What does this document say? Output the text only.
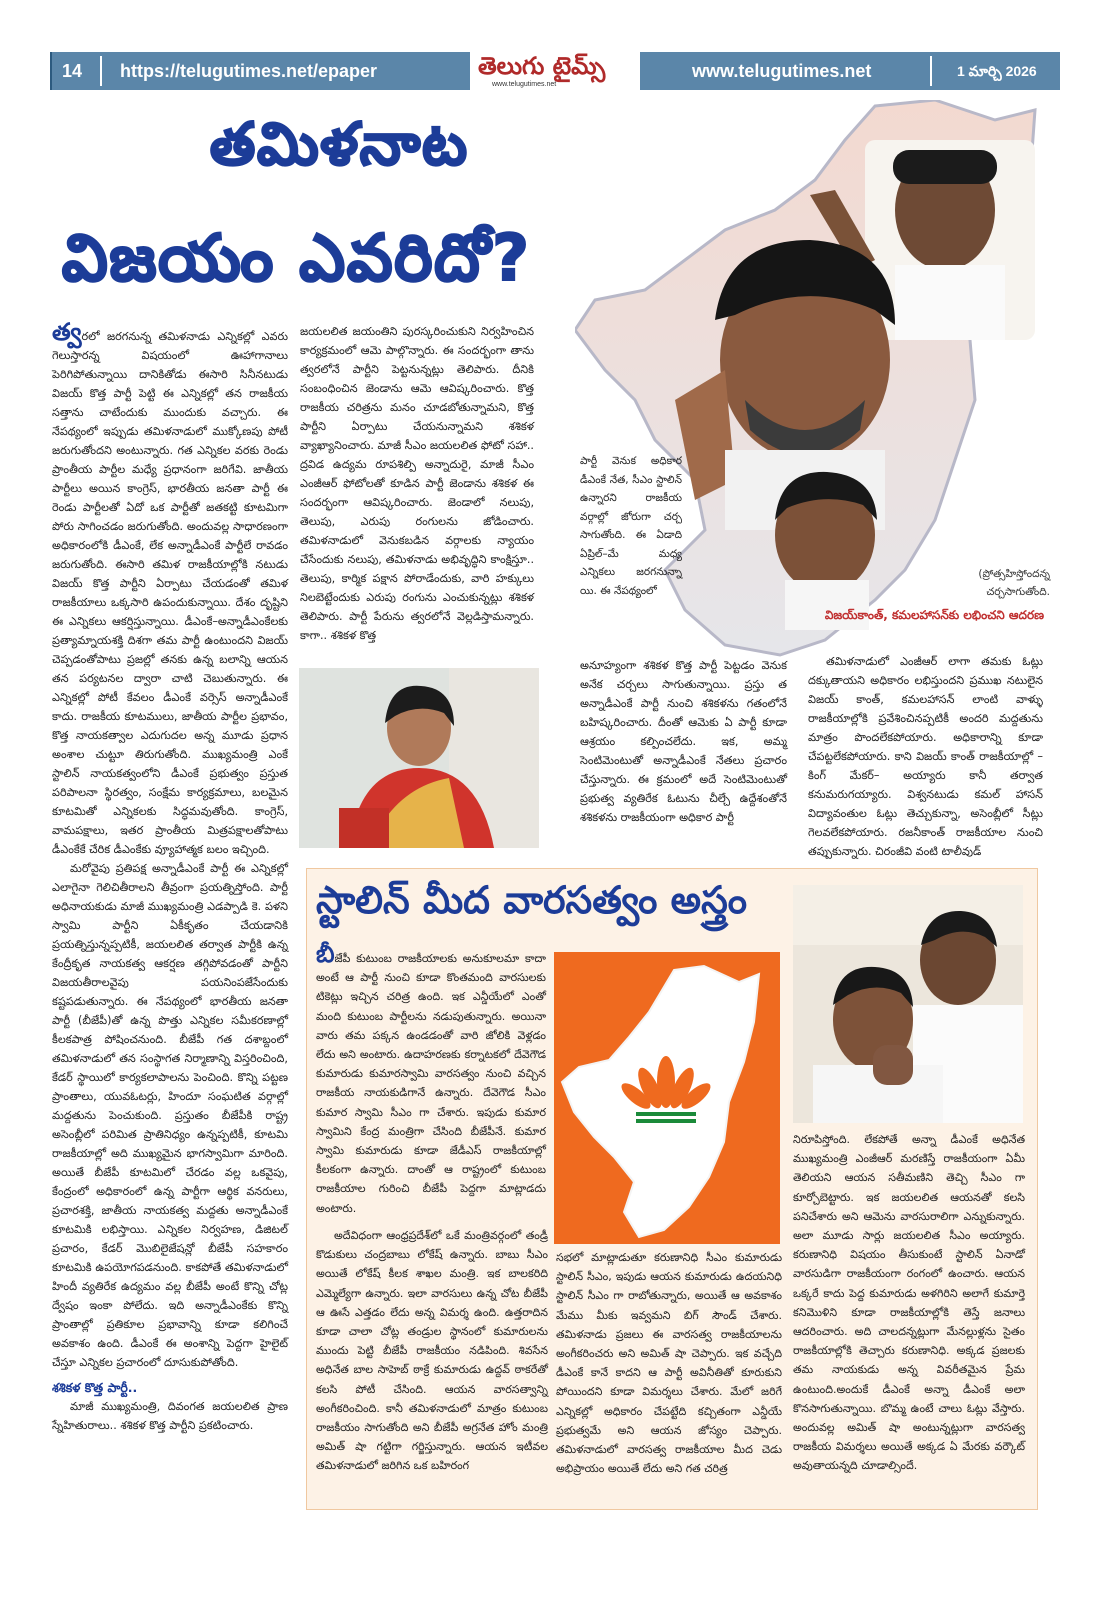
14 https://telugutimes.net/epaper	తెలుగు టైమ్స్
www.telugutimes.net
www.telugutimes.net	1 మార్చి 2026
తమిళనాట
విజయం ఎవరిదో?

త్వరలో జరగనున్న తమిళనాడు ఎన్నికల్లో ఎవరు గెలుస్తారన్న విషయంలో ఊహాగానాలు పెరిగిపోతున్నాయి దానికితోడు ఈసారి సినీనటుడు విజయ్‌ కొత్త పార్టీ పెట్టి ఈ ఎన్నికల్లో తన రాజకీయ సత్తాను చాటేందుకు ముందుకు వచ్చారు. ఈ నేపథ్యంలో ఇప్పుడు తమిళనాడులో ముక్కోణపు పోటీ జరుగుతోందని అంటున్నారు. గత ఎన్నికల వరకు రెండు ప్రాంతీయ పార్టీల మధ్యే ప్రధానంగా జరిగేవి. జాతీయ పార్టీలు అయిన కాంగ్రెస్‌, భారతీయ జనతా పార్టీ ఈ రెండు పార్టీలతో ఏదో ఒక పార్టీతో జతకట్టి కూటమిగా పోరు సాగించడం జరుగుతోంది. అందువల్ల సాధారణంగా అధికారంలోకి డీఎంకే, లేక అన్నాడీఎంకే పార్టీలే రావడం జరుగుతోంది. ఈసారి తమిళ రాజకీయాల్లోకి నటుడు విజయ్‌ కొత్త పార్టీని ఏర్పాటు చేయడంతో తమిళ రాజకీయాలు ఒక్కసారి ఉపందుకున్నాయి. దేశం దృష్టిని ఈ ఎన్నికలు ఆకర్షిస్తున్నాయి. డీఎంకే–అన్నాడీఎంకేలకు ప్రత్యామ్నాయశక్తి దిశగా తమ పార్టీ ఉంటుందని విజయ్‌ చెప్పడంతోపాటు ప్రజల్లో తనకు ఉన్న బలాన్ని ఆయన తన పర్యటనల ద్వారా చాటి చెబుతున్నారు. ఈ ఎన్నికల్లో పోటీ కేవలం డీఎంకే వర్సెస్‌ అన్నాడీఎంకే కాదు. రాజకీయ కూటములు, జాతీయ పార్టీల ప్రభావం, కొత్త నాయకత్వాల ఎదుగుదల అన్న మూడు ప్రధాన అంశాల చుట్టూ తిరుగుతోంది. ముఖ్యమంత్రి ఎంకే స్టాలిన్‌ నాయకత్వంలోని డీఎంకే ప్రభుత్వం ప్రస్తుత పరిపాలనా స్థిరత్వం, సంక్షేమ కార్యక్రమాలు, బలమైన కూటమితో ఎన్నికలకు సిద్ధమవుతోంది. కాంగ్రెస్‌, వామపక్షాలు, ఇతర ప్రాంతీయ మిత్రపక్షాలతోపాటు డీఎంకేకే చేరిక డీఎంకేకు వ్యూహాత్మక బలం ఇచ్చింది.

మరోవైపు ప్రతిపక్ష అన్నాడీఎంకే పార్టీ ఈ ఎన్నికల్లో ఎలాగైనా గెలిచితీరాలని తీవ్రంగా ప్రయత్నిస్తోంది. పార్టీ అధినాయకుడు మాజీ ముఖ్యమంత్రి ఎడప్పాడి కె. పళని స్వామి పార్టీని ఏకీకృతం చేయడానికి ప్రయత్నిస్తున్నప్పటికీ, జయలలిత తర్వాత పార్టీకి ఉన్న కేంద్రీకృత నాయకత్వ ఆకర్షణ తగ్గిపోవడంతో పార్టీని విజయతీరాలవైపు పయనింపజేసేందుకు కష్టపడుతున్నారు. ఈ నేపథ్యంలో భారతీయ జనతా పార్టీ (బీజేపీ)తో ఉన్న పొత్తు ఎన్నికల సమీకరణాల్లో కీలకపాత్ర పోషించనుంది. బీజేపీ గత దశాబ్దంలో తమిళనాడులో తన సంస్థాగత నిర్మాణాన్ని విస్తరించింది, కేడర్‌ స్థాయిలో కార్యకలాపాలను పెంచింది. కొన్ని పట్టణ ప్రాంతాలు, యువఓటర్లు, హిందూ సంఘటిత వర్గాల్లో మద్దతును పెంచుకుంది. ప్రస్తుతం బీజేపీకి రాష్ట్ర అసెంబ్లీలో పరిమిత ప్రాతినిధ్యం ఉన్నప్పటికీ, కూటమి రాజకీయాల్లో అది ముఖ్యమైన భాగస్వామిగా మారింది. అయితే బీజేపీ కూటమిలో చేరడం వల్ల ఒకవైపు, కేంద్రంలో అధికారంలో ఉన్న పార్టీగా ఆర్థిక వనరులు, ప్రచారశక్తి, జాతీయ నాయకత్వ మద్దతు అన్నాడీఎంకే కూటమికి లభిస్తాయి. ఎన్నికల నిర్వహణ, డిజిటల్‌ ప్రచారం, కేడర్‌ మొబిలైజేషన్లో బీజేపీ సహకారం కూటమికి ఉపయోగపడనుంది. కాకపోతే తమిళనాడులో హిందీ వ్యతిరేక ఉద్యమం వల్ల బీజేపీ అంటే కొన్ని చోట్ల ద్వేషం ఇంకా పోలేదు. ఇది అన్నాడీఎంకేకు కొన్ని ప్రాంతాల్లో ప్రతికూల ప్రభావాన్ని కూడా కలిగించే అవకాశం ఉంది. డీఎంకే ఈ అంశాన్ని పెద్దగా హైలైట్‌ చేస్తూ ఎన్నికల ప్రచారంలో దూసుకుపోతోంది.

శశికళ కొత్త పార్టీ..

మాజీ ముఖ్యమంత్రి, దివంగత జయలలిత ప్రాణ స్నేహితురాలు.. శశికళ కొత్త పార్టీని ప్రకటించారు.

జయలలిత జయంతిని పురస్కరించుకుని నిర్వహించిన కార్యక్రమంలో ఆమె పాల్గొన్నారు. ఈ సందర్భంగా తాను త్వరలోనే పార్టీని పెట్టనున్నట్లు తెలిపారు. దీనికి సంబంధించిన జెండాను ఆమె ఆవిష్కరించారు. కొత్త రాజకీయ చరిత్రను మనం చూడబోతున్నామని, కొత్త పార్టీని ఏర్పాటు చేయనున్నామని శశికళ వ్యాఖ్యానించారు. మాజీ సీఎం జయలలిత ఫోటో సహా.. ద్రవిడ ఉద్యమ రూపశిల్పి అన్నాదురై, మాజీ సీఎం ఎంజీఆర్‌ ఫోటోలతో కూడిన పార్టీ జెండాను శశికళ ఈ సందర్భంగా ఆవిష్కరించారు. జెండాలో నలుపు, తెలుపు, ఎరుపు రంగులను జోడించారు. తమిళనాడులో వెనుకబడిన వర్గాలకు న్యాయం చేసేందుకు నలుపు, తమిళనాడు అభివృద్ధిని కాంక్షిస్తూ.. తెలుపు, కార్మిక పక్షాన పోరాడేందుకు, వారి హక్కులు నిలబెట్టేందుకు ఎరుపు రంగును ఎంచుకున్నట్లు శశికళ తెలిపారు. పార్టీ పేరును త్వరలోనే వెల్లడిస్తామన్నారు. కాగా.. శశికళ కొత్త

పార్టీ వెనుక అధికార డీఎంకే నేత, సీఎం స్టాలిన్‌ ఉన్నారని రాజకీయ వర్గాల్లో జోరుగా చర్చ సాగుతోంది. ఈ ఏడాది ఏప్రిల్‌–మే మధ్య ఎన్నికలు జరగనున్నా యి. ఈ నేపథ్యంలో

అనూహ్యంగా శశికళ కొత్త పార్టీ పెట్టడం వెనుక అనేక చర్చలు సాగుతున్నాయి. ప్రస్తు త అన్నాడీఎంకే పార్టీ నుంచి శశికళను గతంలోనే బహిష్కరించారు. దీంతో ఆమెకు ఏ పార్టీ కూడా ఆశ్రయం కల్పించలేదు. ఇక, అమ్మ సెంటిమెంటుతో అన్నాడీఎంకే నేతలు ప్రచారం చేస్తున్నారు. ఈ క్రమంలో అదే సెంటిమెంటుతో ప్రభుత్వ వ్యతిరేక ఓటును చీల్చే ఉద్దేశంతోనే శశికళను రాజకీయంగా అధికార పార్టీ

(ప్రోత్సహిస్తోందన్న చర్చసాగుతోంది.
విజయ్‌కాంత్‌, కమలహాసన్‌కు లభించని ఆదరణ

తమిళనాడులో ఎంజీఆర్‌ లాగా తమకు ఓట్లు దక్కుతాయని అధికారం లభిస్తుందని ప్రముఖ నటులైన విజయ్‌ కాంత్‌, కమలహాసన్‌ లాంటి వాళ్ళు రాజకీయాల్లోకి ప్రవేశించినప్పటికీ అందరి మద్దతును మాత్రం పొందలేకపోయారు. అధికారాన్ని కూడా చేపట్టలేకపోయారు. కాని విజయ్‌ కాంత్‌ రాజకీయాల్లో –కింగ్‌ మేకర్‌– అయ్యారు కానీ తర్వాత కనుమరుగయ్యారు. విశ్వనటుడు కమల్‌ హాసన్‌ విద్యావంతుల ఓట్లు తెచ్చుకున్నా, అసెంబ్లీలో సీట్లు గెలవలేకపోయారు. రజనీకాంత్‌ రాజకీయాల నుంచి తప్పుకున్నారు. చిరంజీవి వంటి టాలీవుడ్‌

స్టాలిన్‌ మీద వారసత్వం అస్త్రం

బీజేపీ కుటుంబ రాజకీయాలకు అనుకూలమా కాదా అంటే ఆ పార్టీ నుంచి కూడా కొంతమంది వారసులకు టికెట్లు ఇచ్చిన చరిత్ర ఉంది. ఇక ఎన్డీయేలో ఎంతో మంది కుటుంబ పార్టీలను నడుపుతున్నారు. అయినా వారు తమ పక్కన ఉండడంతో వారి జోలికి వెళ్లడం లేదు అని అంటారు. ఉదాహరణకు కర్నాటకలో దేవెగౌడ కుమారుడు కుమారస్వామి వారసత్వం నుంచి వచ్చిన రాజకీయ నాయకుడిగానే ఉన్నారు. దేవెగౌడ సీఎం కుమార స్వామి సీఎం గా చేశారు. ఇపుడు కుమార స్వామిని కేంద్ర మంత్రిగా చేసింది బీజేపీనే. కుమార స్వామి కుమారుడు కూడా జేడీఎస్‌ రాజకీయాల్లో కీలకంగా ఉన్నారు. దాంతో ఆ రాష్ట్రంలో కుటుంబ రాజకీయాల గురించి బీజేపీ పెద్దగా మాట్లాడదు అంటారు.

అదేవిధంగా ఆంధ్రప్రదేశ్‌లో ఒకే మంత్రివర్గంలో తండ్రీ కొడుకులు చంద్రబాబు లోకేష్‌ ఉన్నారు. బాబు సీఎం అయితే లోకేష్‌ కీలక శాఖల మంత్రి. ఇక బాలకరిది ఎమ్మెల్యేగా ఉన్నారు. ఇలా వారసులు ఉన్న చోట బీజేపీ ఆ ఊసే ఎత్తడం లేదు అన్న విమర్శ ఉంది. ఉత్తరాదిన కూడా చాలా చోట్ల తండ్రుల స్థానంలో కుమారులను ముందు పెట్టి బీజేపీ రాజకీయం నడిపింది. శివసేన అధినేత బాల సాహెబ్‌ ఠాక్రే కుమారుడు ఉద్దవ్‌ ఠాకరేతో కలసి పోటీ చేసింది. ఆయన వారసత్వాన్ని అంగీకరించింది. కానీ తమిళనాడులో మాత్రం కుటుంబ రాజకీయం సాగుతోంది అని బీజేపీ అగ్రనేత హోం మంత్రి అమిత్‌ షా గట్టిగా గర్జిస్తున్నారు. ఆయన ఇటీవల తమిళనాడులో జరిగిన ఒక బహిరంగ

సభలో మాట్లాడుతూ కరుణానిధి సీఎం కుమారుడు స్టాలిన్‌ సీఎం, ఇపుడు ఆయన కుమారుడు ఉదయనిధి స్టాలిన్‌ సీఎం గా రాబోతున్నారు, అయితే ఆ అవకాశం మేము మీకు ఇవ్వమని బిగ్‌ సౌండ్‌ చేశారు. తమిళనాడు ప్రజలు ఈ వారసత్వ రాజకీయాలను అంగీకరించరు అని అమిత్‌ షా చెప్పారు. ఇక వచ్చేది డీఎంకే కానే కాదని ఆ పార్టీ అవినీతితో కూరుకుని పోయిందని కూడా విమర్శలు చేశారు. మేలో జరిగే ఎన్నికల్లో అధికారం చేపట్టేది కచ్చితంగా ఎన్డీయే ప్రభుత్వమే అని ఆయన జోస్యం చెప్పారు. తమిళనాడులో వారసత్వ రాజకీయాల మీద చెడు అభిప్రాయం అయితే లేదు అని గత చరిత్ర

నిరూపిస్తోంది. లేకపోతే అన్నా డీఎంకే అధినేత ముఖ్యమంత్రి ఎంజీఆర్‌ మరణిస్తే రాజకీయంగా ఏమీ తెలియని ఆయన సతీమణిని తెచ్చి సీఎం గా కూర్చోబెట్టారు. ఇక జయలలిత ఆయనతో కలసి పనిచేశారు అని ఆమెను వారసురాలిగా ఎన్నుకున్నారు. అలా మూడు సార్లు జయలలిత సీఎం అయ్యారు. కరుణానిధి విషయం తీసుకుంటే స్టాలిన్‌ ఏనాడో వారసుడిగా రాజకీయంగా రంగంలో ఉంచారు. ఆయన ఒక్కరే కాదు పెద్ద కుమారుడు అళగిరిని అలాగే కుమార్తె కనిమొళిని కూడా రాజకీయాల్లోకి తెస్తే జనాలు ఆదరించారు. అది చాలదన్నట్లుగా మేనల్లుళ్లను సైతం రాజకీయాల్లోకి తెచ్చారు కరుణానిధి. అక్కడ ప్రజలకు తమ నాయకుడు అన్న వివరీతమైన ప్రేమ ఉంటుంది.అందుకే డీఎంకే అన్నా డీఎంకే అలా కొనసాగుతున్నాయి. బొమ్మ ఉంటే చాలు ఓట్లు వేస్తారు. అందువల్ల అమిత్‌ షా అంటున్నట్లుగా వారసత్వ రాజకీయ విమర్శలు అయితే అక్కడ ఏ మేరకు వర్కౌట్‌ అవుతాయన్నది చూడాల్సిందే.
